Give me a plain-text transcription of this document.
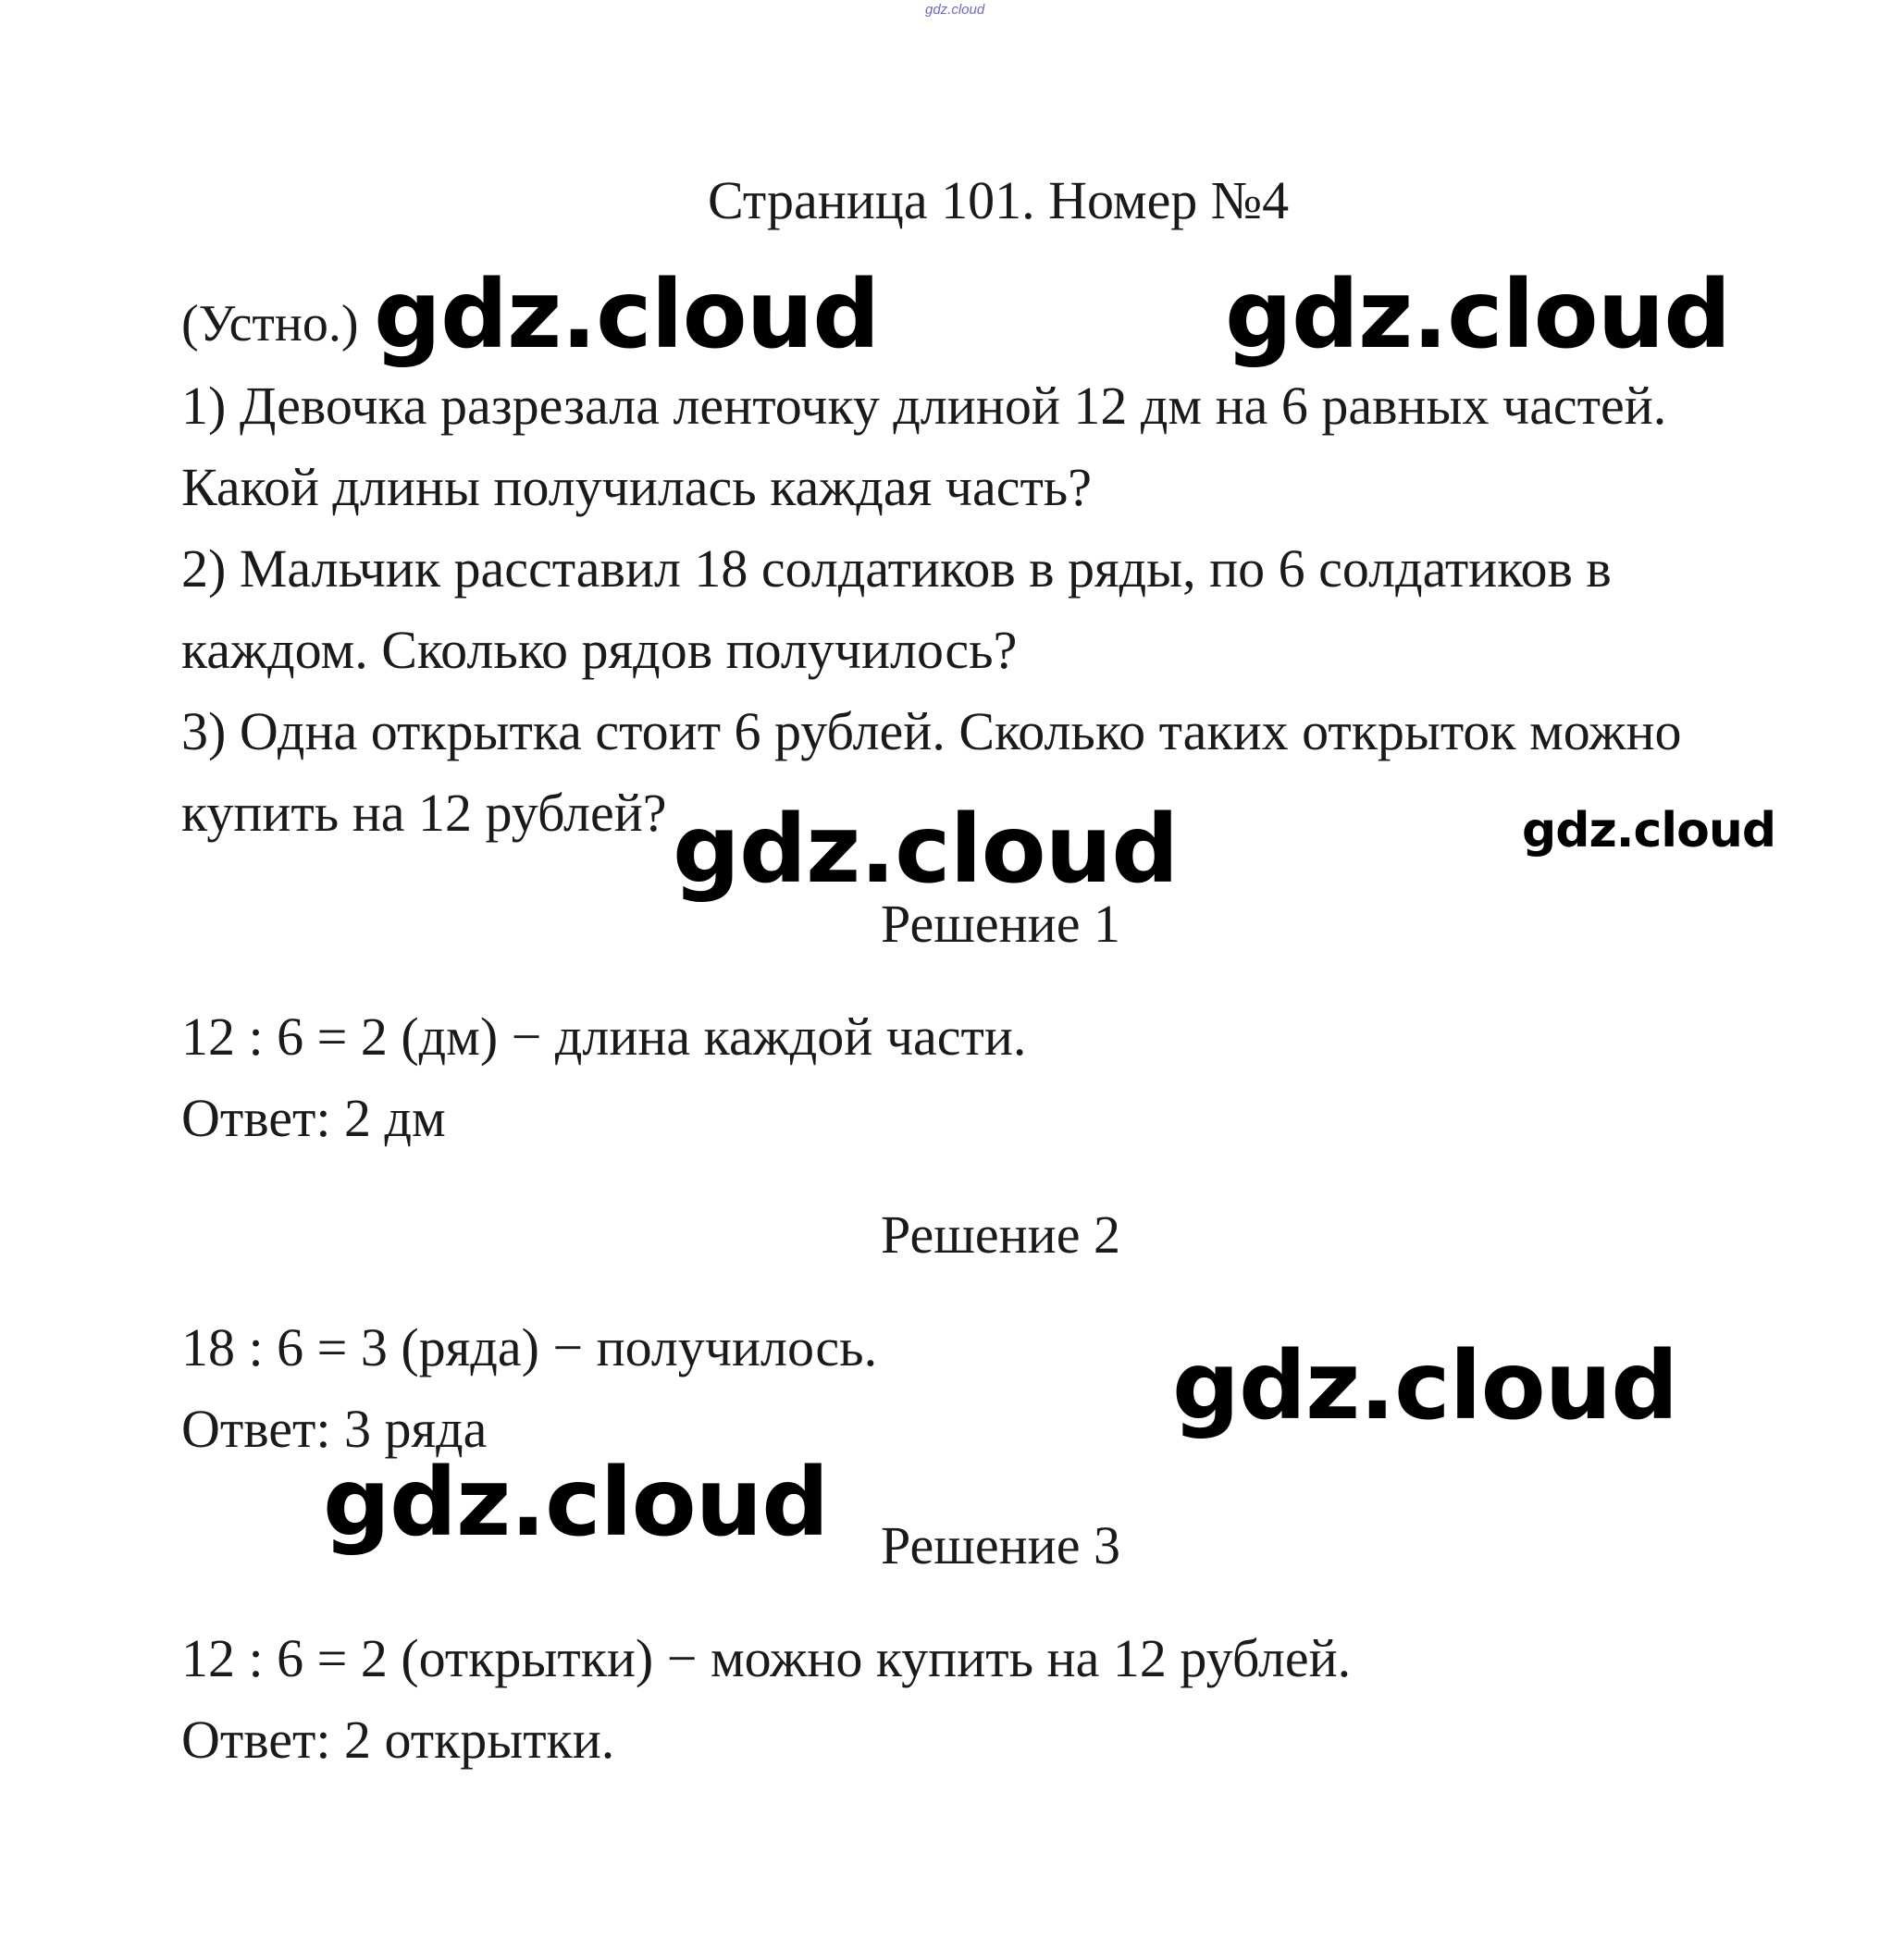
gdz.cloud
Страница 101. Номер №4
(Устно.)
1) Девочка разрезала ленточку длиной 12 дм на 6 равных частей.
Какой длины получилась каждая часть?
2) Мальчик расставил 18 солдатиков в ряды, по 6 солдатиков в
каждом. Сколько рядов получилось?
3) Одна открытка стоит 6 рублей. Сколько таких открыток можно
купить на 12 рублей?
Решение 1
12 : 6 = 2 (дм) − длина каждой части.
Ответ: 2 дм
Решение 2
18 : 6 = 3 (ряда) − получилось.
Ответ: 3 ряда
Решение 3
12 : 6 = 2 (открытки) − можно купить на 12 рублей.
Ответ: 2 открытки.
gdz.cloud	gdz.cloud
gdz.cloud	gdz.cloud
gdz.cloud
gdz.cloud
